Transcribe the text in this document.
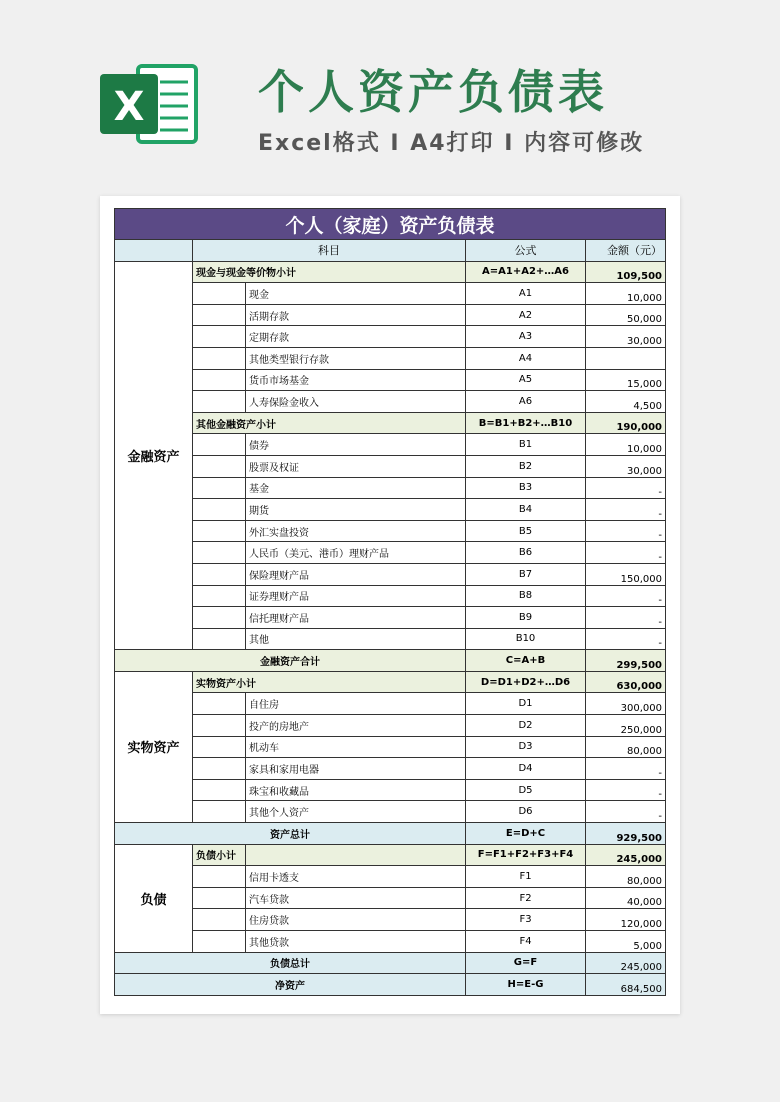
X 个人资产负债表
Excel格式 I A4打印 I 内容可修改
个人（家庭）资产负债表				
	科目		公式	金额（元）
金融资产	现金与现金等价物小计		A=A1+A2+…A6	109,500
		现金	A1	10,000
		活期存款	A2	50,000
		定期存款	A3	30,000
		其他类型银行存款	A4	
		货币市场基金	A5	15,000
		人寿保险金收入	A6	4,500
	其他金融资产小计		B=B1+B2+…B10	190,000
		债券	B1	10,000
		股票及权证	B2	30,000
		基金	B3	-
		期货	B4	-
		外汇实盘投资	B5	-
		人民币（美元、港币）理财产品	B6	-
		保险理财产品	B7	150,000
		证券理财产品	B8	-
		信托理财产品	B9	-
		其他	B10	-
金融资产合计			C=A+B	299,500
实物资产	实物资产小计		D=D1+D2+…D6	630,000
		自住房	D1	300,000
		投产的房地产	D2	250,000
		机动车	D3	80,000
		家具和家用电器	D4	-
		珠宝和收藏品	D5	-
		其他个人资产	D6	-
资产总计			E=D+C	929,500
负债	负债小计		F=F1+F2+F3+F4	245,000
		信用卡透支	F1	80,000
		汽车贷款	F2	40,000
		住房贷款	F3	120,000
		其他贷款	F4	5,000
负债总计			G=F	245,000
净资产			H=E-G	684,500
